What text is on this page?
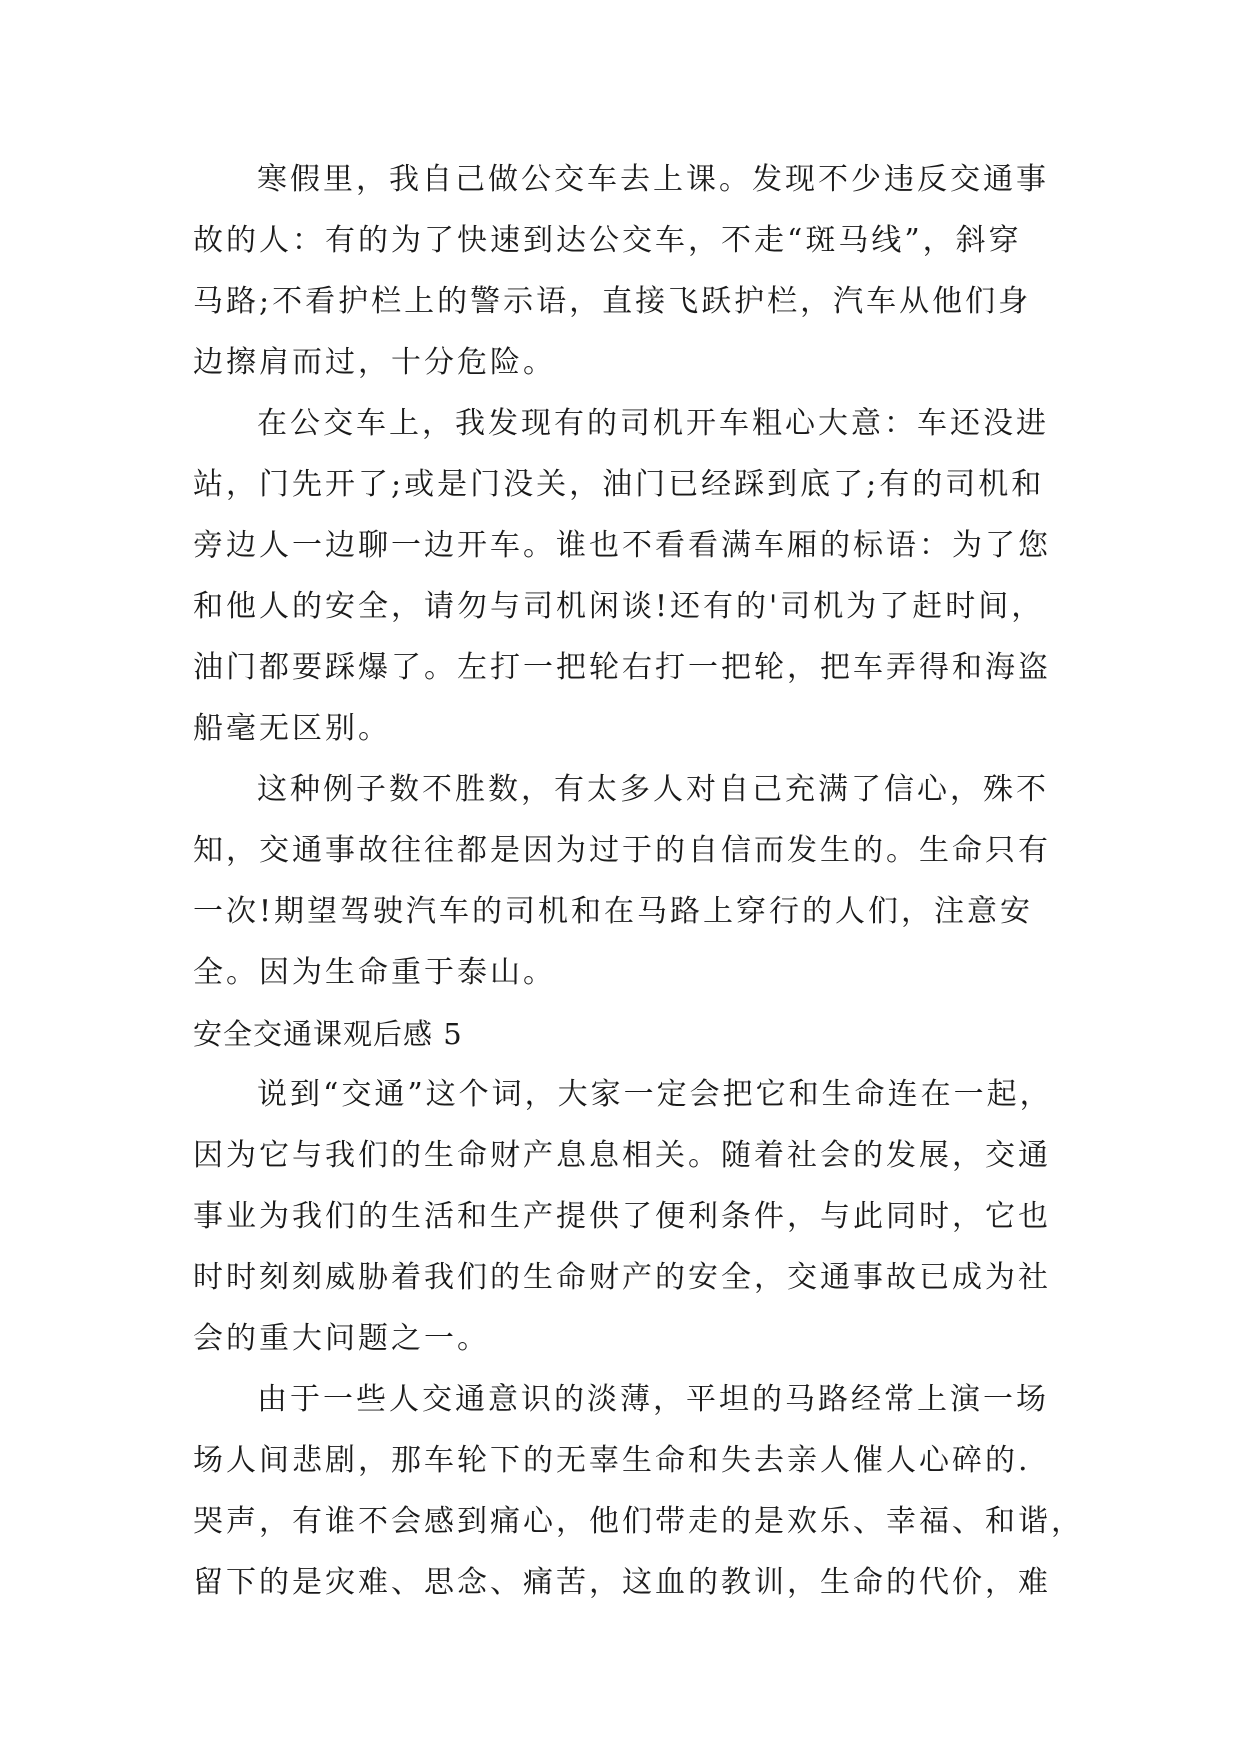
寒假里，我自己做公交车去上课。发现不少违反交通事
故的人：有的为了快速到达公交车，不走“斑马线”，斜穿
马路;不看护栏上的警示语，直接飞跃护栏，汽车从他们身
边擦肩而过，十分危险。
在公交车上，我发现有的司机开车粗心大意：车还没进
站，门先开了;或是门没关，油门已经踩到底了;有的司机和
旁边人一边聊一边开车。谁也不看看满车厢的标语：为了您
和他人的安全，请勿与司机闲谈!还有的'司机为了赶时间，
油门都要踩爆了。左打一把轮右打一把轮，把车弄得和海盗
船毫无区别。
这种例子数不胜数，有太多人对自己充满了信心，殊不
知，交通事故往往都是因为过于的自信而发生的。生命只有
一次!期望驾驶汽车的司机和在马路上穿行的人们，注意安
全。因为生命重于泰山。
安全交通课观后感 5
说到“交通”这个词，大家一定会把它和生命连在一起，
因为它与我们的生命财产息息相关。随着社会的发展，交通
事业为我们的生活和生产提供了便利条件，与此同时，它也
时时刻刻威胁着我们的生命财产的安全，交通事故已成为社
会的重大问题之一。
由于一些人交通意识的淡薄，平坦的马路经常上演一场
场人间悲剧，那车轮下的无辜生命和失去亲人催人心碎的.
哭声，有谁不会感到痛心，他们带走的是欢乐、幸福、和谐，
留下的是灾难、思念、痛苦，这血的教训，生命的代价，难
